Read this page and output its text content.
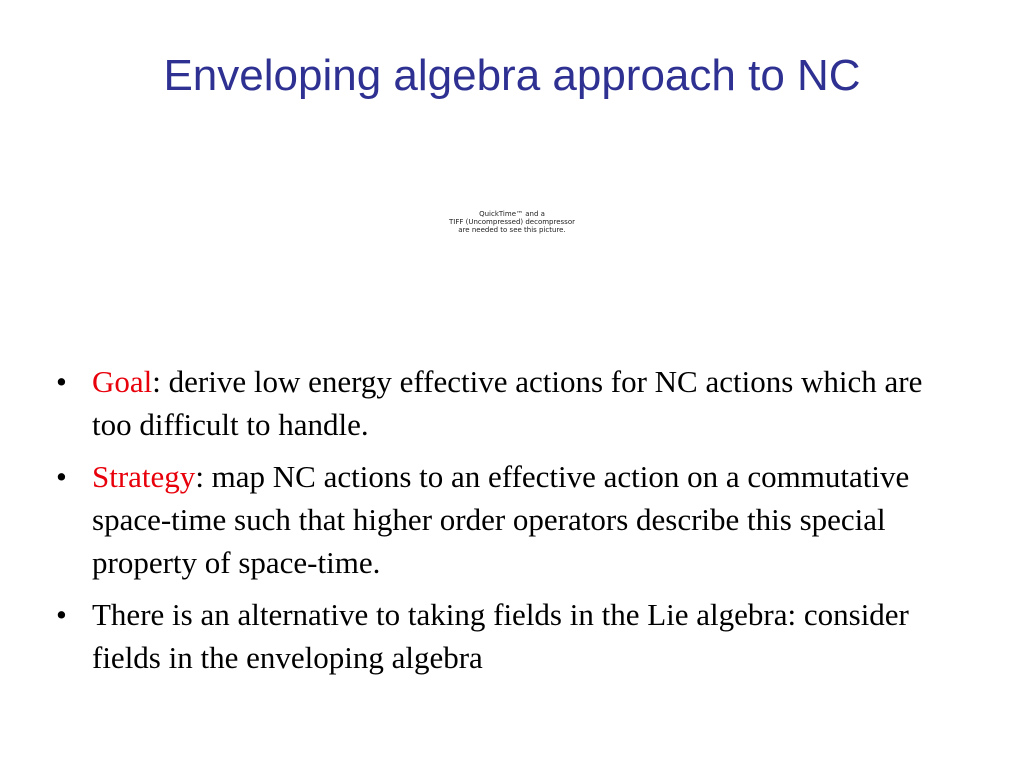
Enveloping algebra approach to NC
QuickTime™ and a
TIFF (Uncompressed) decompressor
are needed to see this picture.
• Goal: derive low energy effective actions for NC actions which are too difficult to handle.
• Strategy: map NC actions to an effective action on a commutative space-time such that higher order operators describe this special property of space-time.
• There is an alternative to taking fields in the Lie algebra: consider fields in the enveloping algebra
